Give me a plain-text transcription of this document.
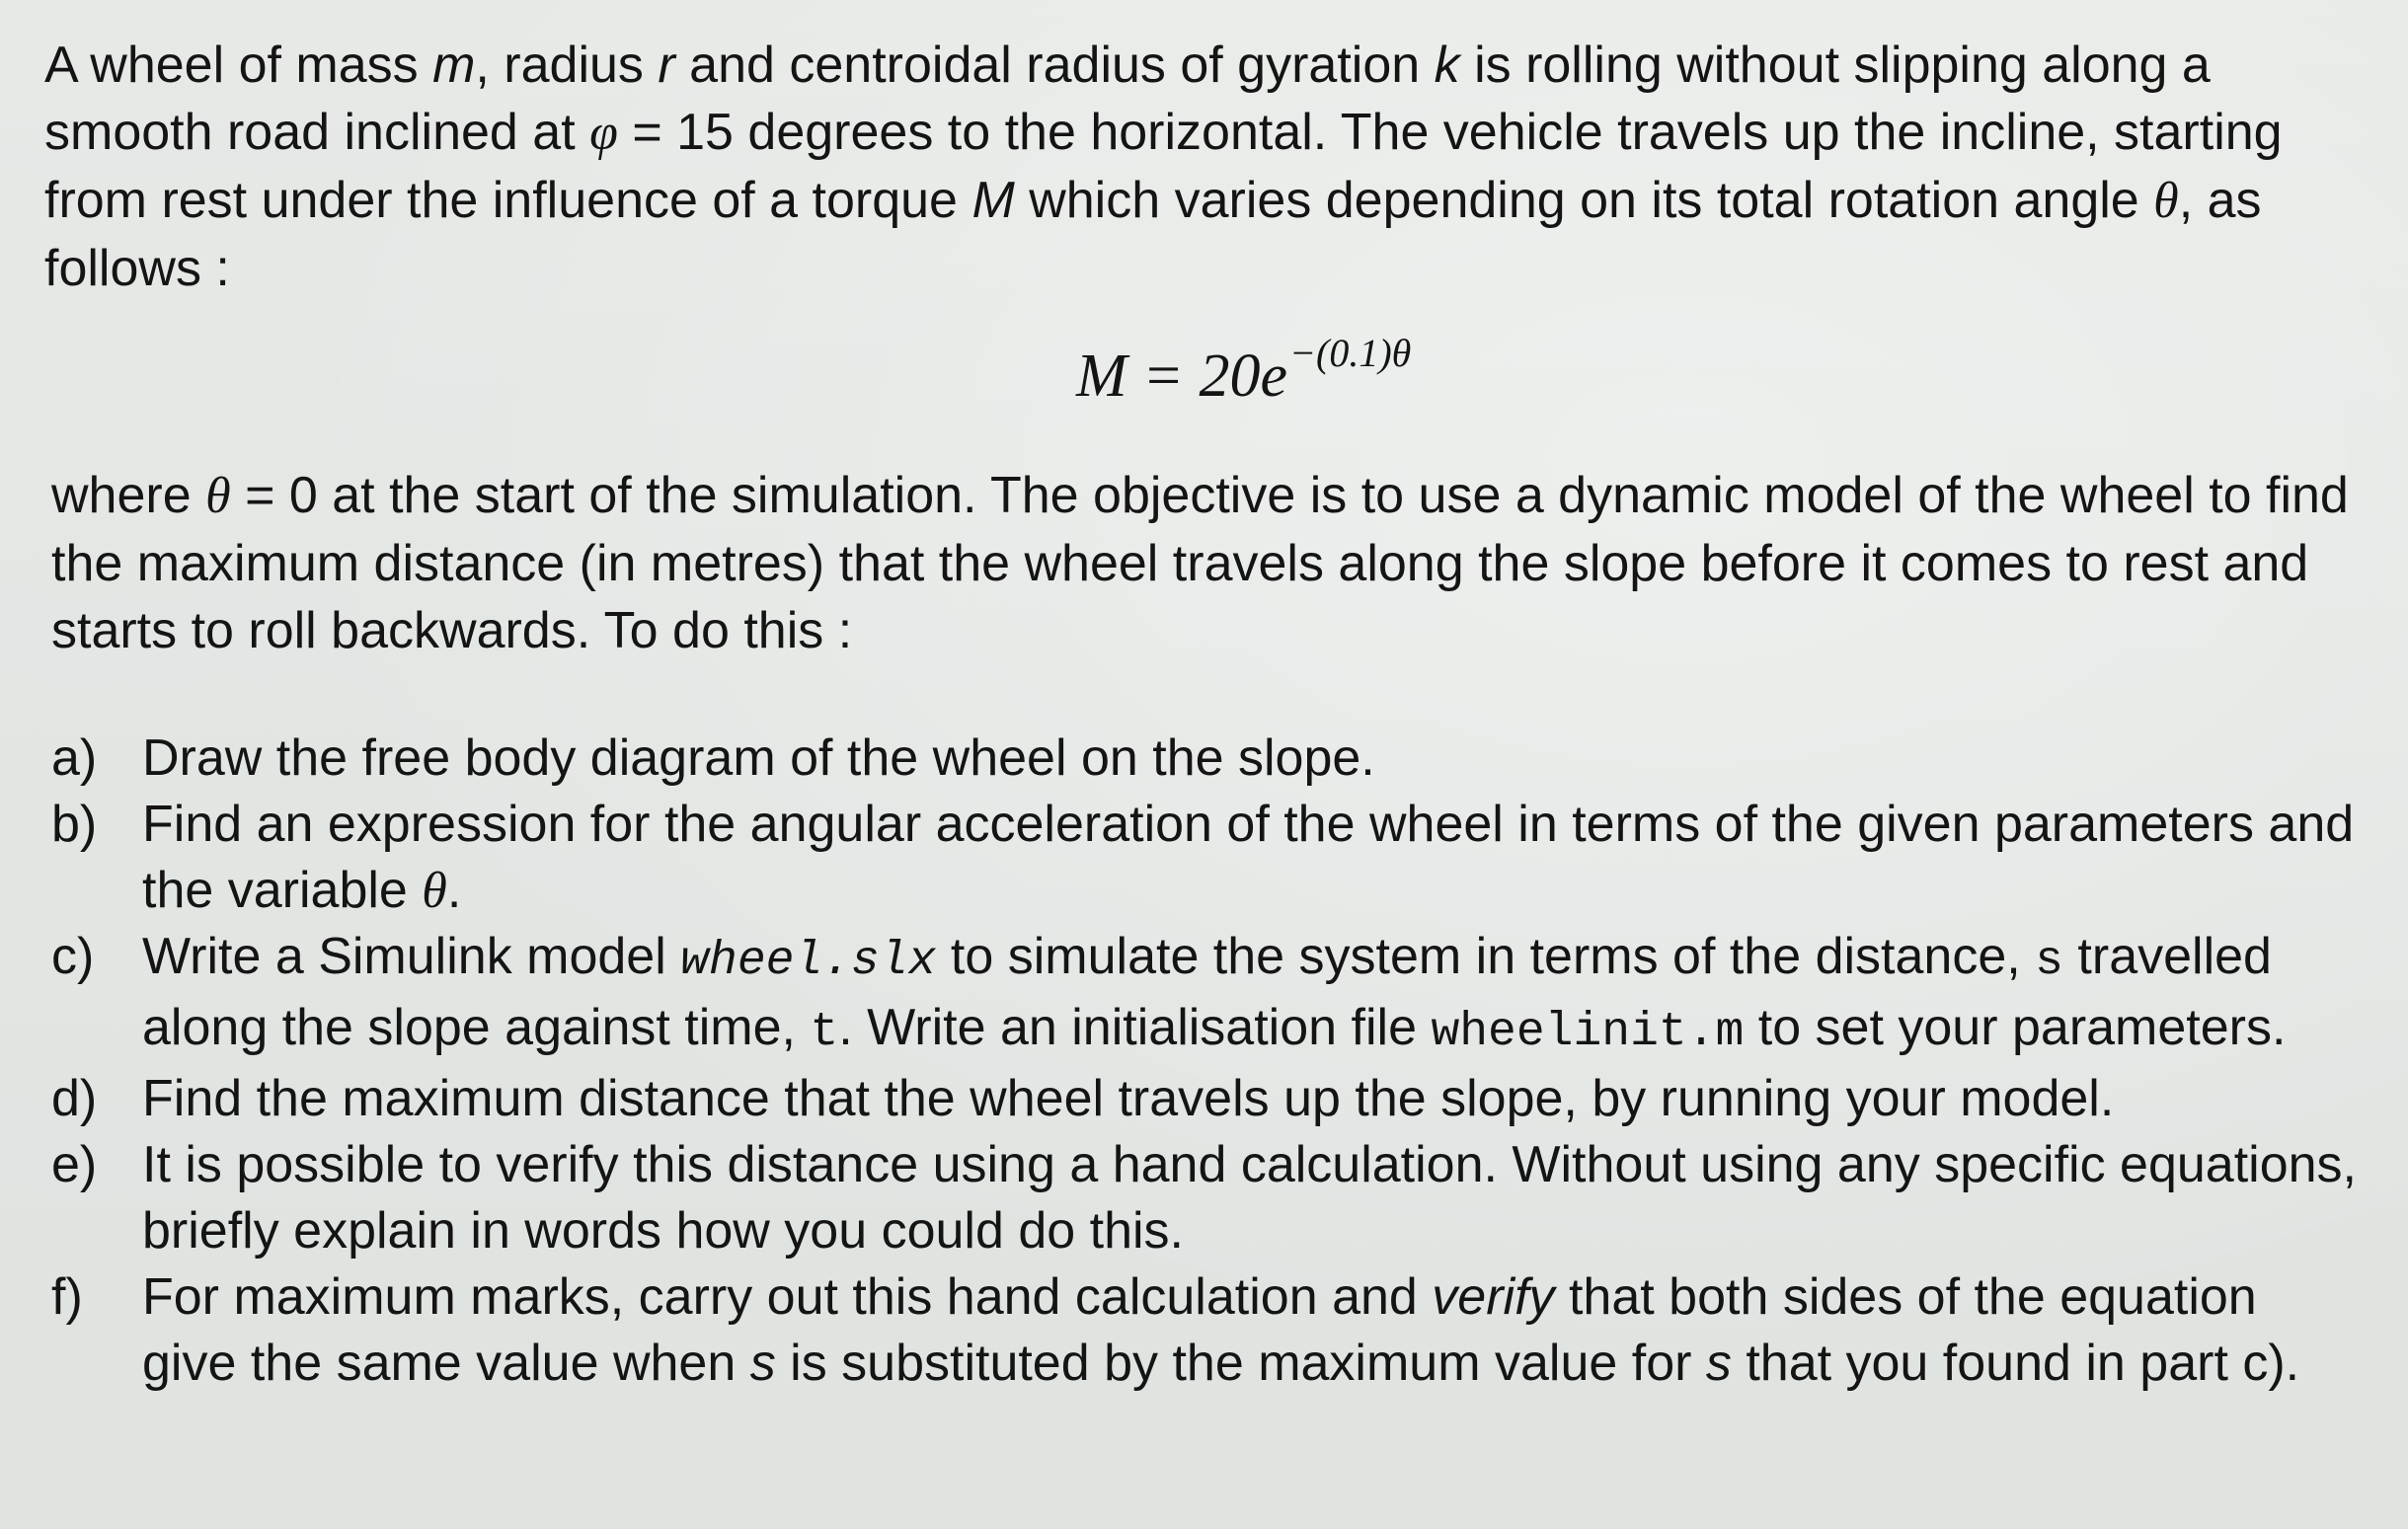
A wheel of mass m, radius r and centroidal radius of gyration k is rolling without slipping along a smooth road inclined at φ = 15 degrees to the horizontal. The vehicle travels up the incline, starting from rest under the influence of a torque M which varies depending on its total rotation angle θ, as follows :

$M = 20e^{-(0.1)\theta}$

where θ = 0 at the start of the simulation. The objective is to use a dynamic model of the wheel to find the maximum distance (in metres) that the wheel travels along the slope before it comes to rest and starts to roll backwards. To do this :

a) Draw the free body diagram of the wheel on the slope.
b) Find an expression for the angular acceleration of the wheel in terms of the given parameters and the variable θ.
c) Write a Simulink model wheel.slx to simulate the system in terms of the distance, s travelled along the slope against time, t. Write an initialisation file wheelinit.m to set your parameters.
d) Find the maximum distance that the wheel travels up the slope, by running your model.
e) It is possible to verify this distance using a hand calculation. Without using any specific equations, briefly explain in words how you could do this.
f) For maximum marks, carry out this hand calculation and verify that both sides of the equation give the same value when s is substituted by the maximum value for s that you found in part c).
